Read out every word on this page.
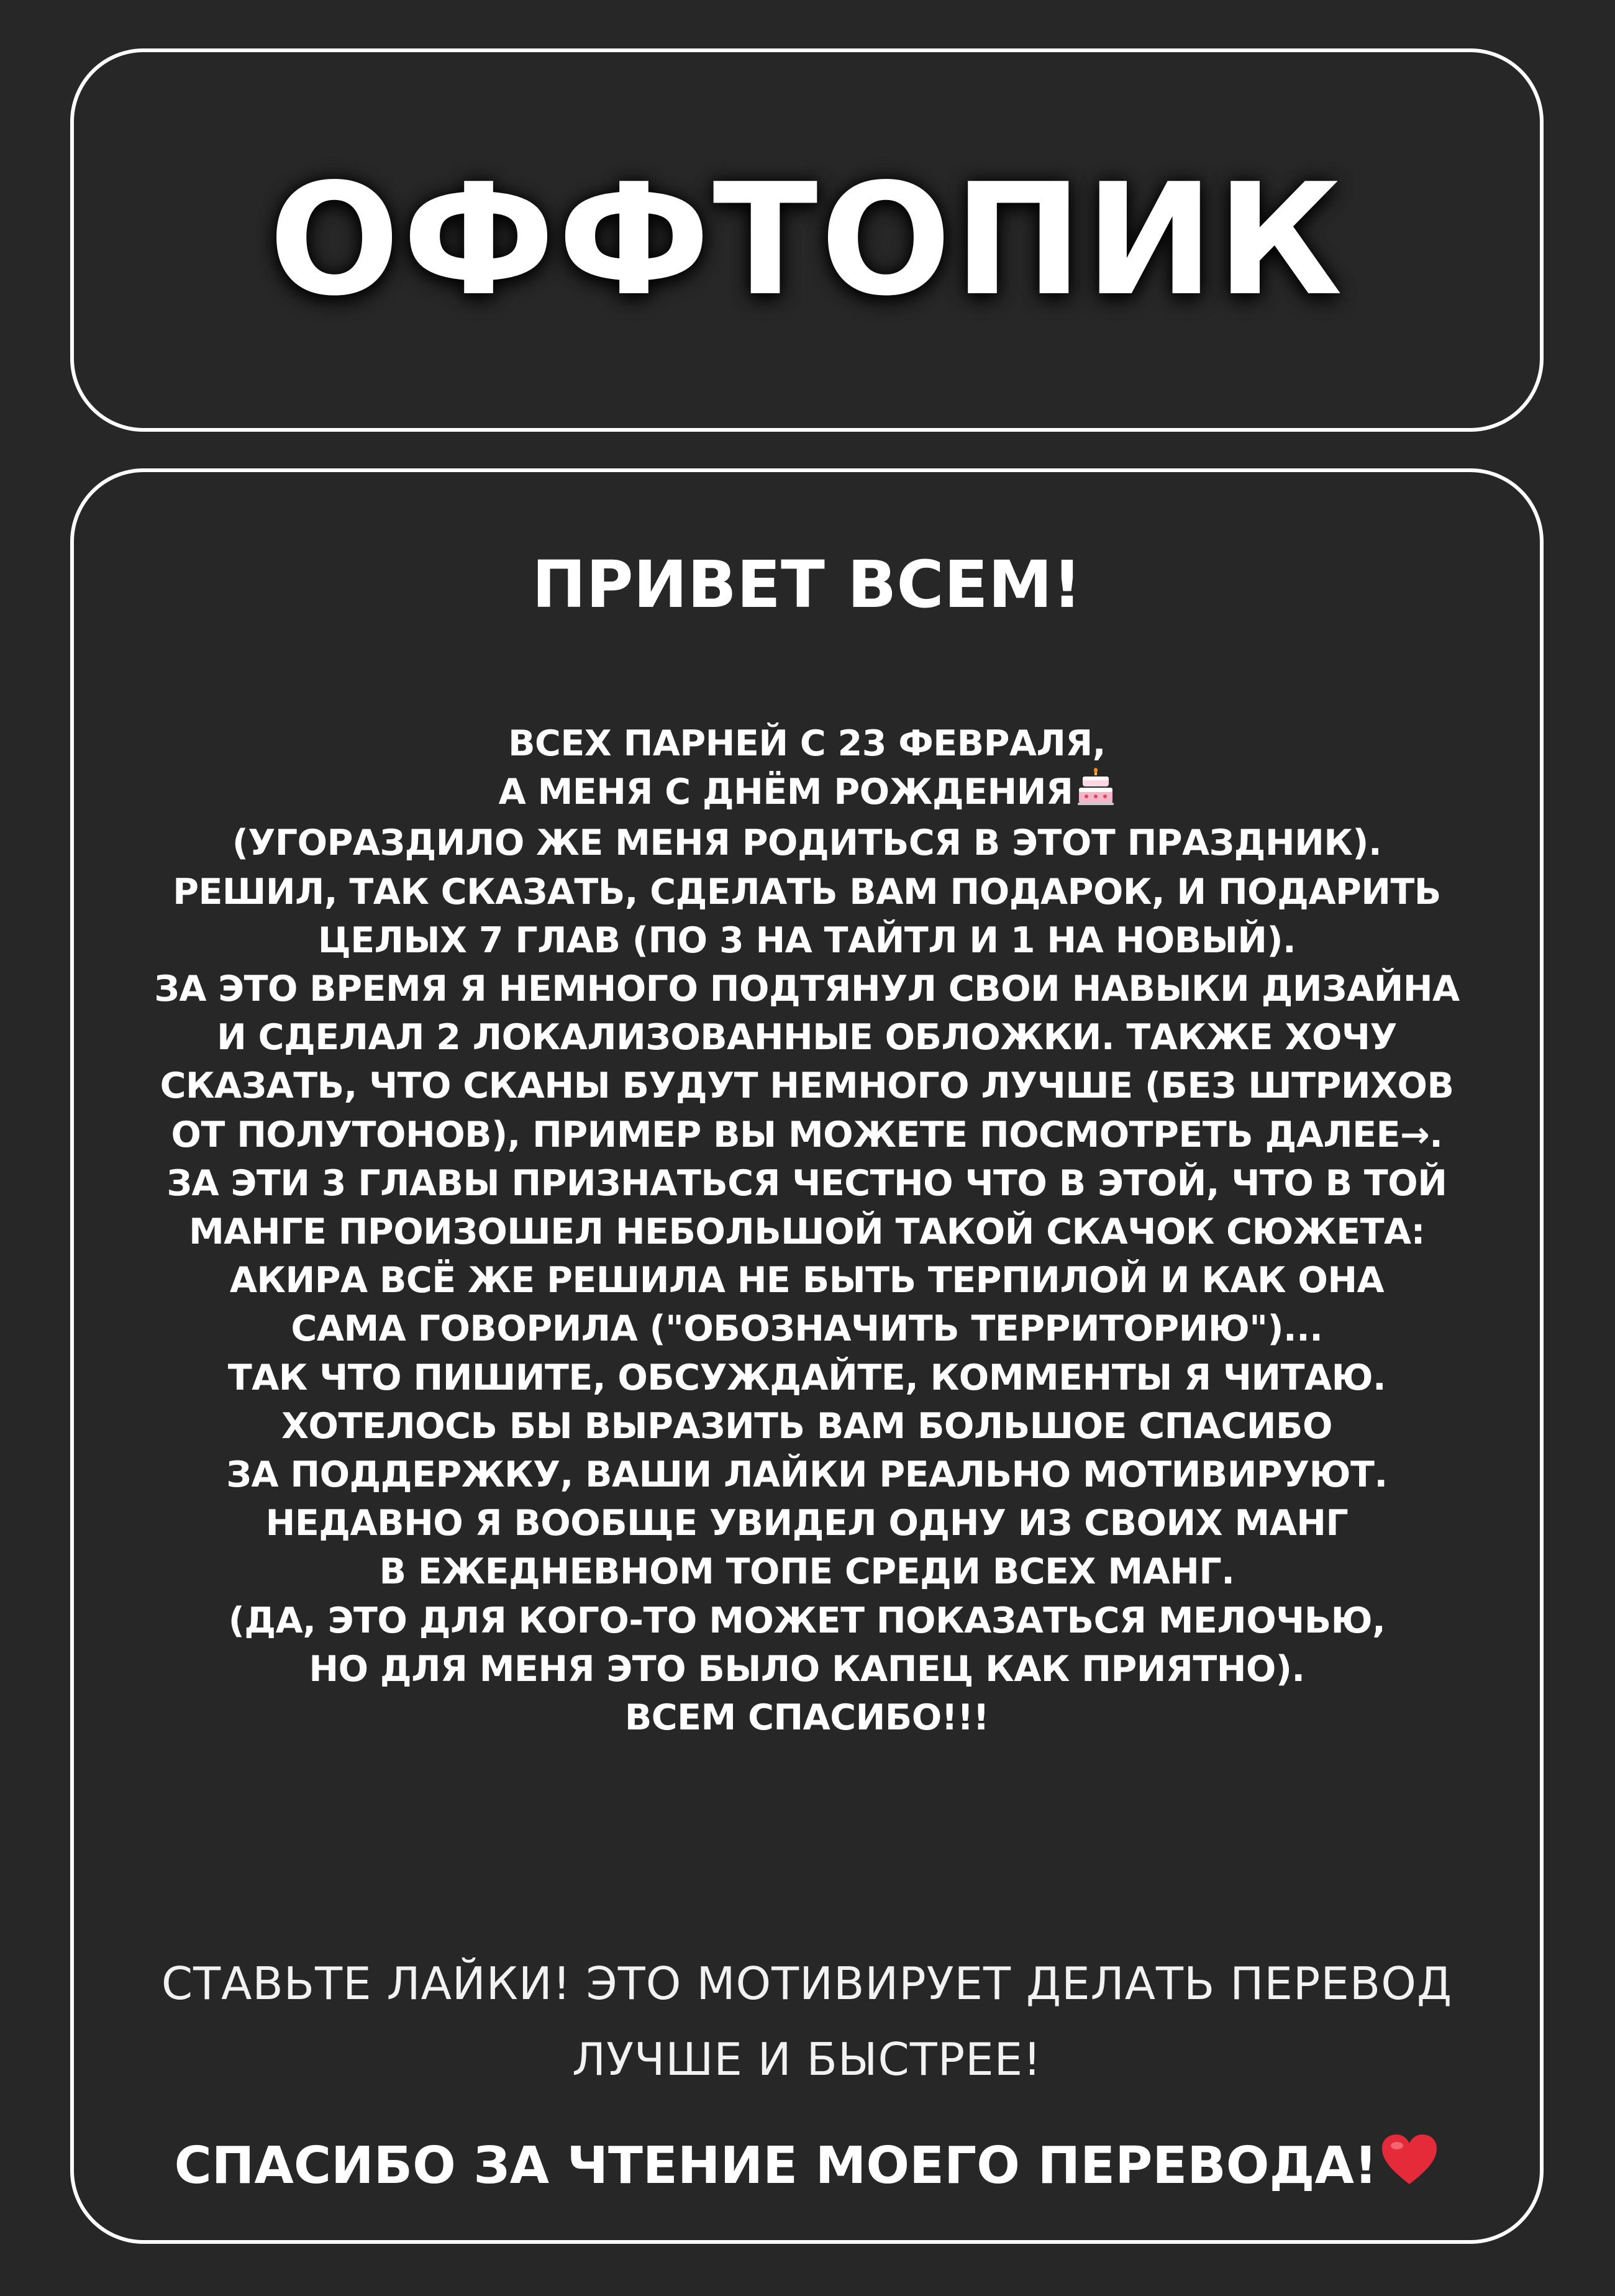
ОФФТОПИК
ПРИВЕТ ВСЕМ!
ВСЕХ ПАРНЕЙ С 23 ФЕВРАЛЯ,
А МЕНЯ С ДНЁМ РОЖДЕНИЯ
(УГОРАЗДИЛО ЖЕ МЕНЯ РОДИТЬСЯ В ЭТОТ ПРАЗДНИК).
РЕШИЛ, ТАК СКАЗАТЬ, СДЕЛАТЬ ВАМ ПОДАРОК, И ПОДАРИТЬ
ЦЕЛЫХ 7 ГЛАВ (ПО 3 НА ТАЙТЛ И 1 НА НОВЫЙ).
ЗА ЭТО ВРЕМЯ Я НЕМНОГО ПОДТЯНУЛ СВОИ НАВЫКИ ДИЗАЙНА
И СДЕЛАЛ 2 ЛОКАЛИЗОВАННЫЕ ОБЛОЖКИ. ТАКЖЕ ХОЧУ
СКАЗАТЬ, ЧТО СКАНЫ БУДУТ НЕМНОГО ЛУЧШЕ (БЕЗ ШТРИХОВ
ОТ ПОЛУТОНОВ), ПРИМЕР ВЫ МОЖЕТЕ ПОСМОТРЕТЬ ДАЛЕЕ→.
ЗА ЭТИ 3 ГЛАВЫ ПРИЗНАТЬСЯ ЧЕСТНО ЧТО В ЭТОЙ, ЧТО В ТОЙ
МАНГЕ ПРОИЗОШЕЛ НЕБОЛЬШОЙ ТАКОЙ СКАЧОК СЮЖЕТА:
АКИРА ВСЁ ЖЕ РЕШИЛА НЕ БЫТЬ ТЕРПИЛОЙ И КАК ОНА
САМА ГОВОРИЛА ("ОБОЗНАЧИТЬ ТЕРРИТОРИЮ")...
ТАК ЧТО ПИШИТЕ, ОБСУЖДАЙТЕ, КОММЕНТЫ Я ЧИТАЮ.
ХОТЕЛОСЬ БЫ ВЫРАЗИТЬ ВАМ БОЛЬШОЕ СПАСИБО
ЗА ПОДДЕРЖКУ, ВАШИ ЛАЙКИ РЕАЛЬНО МОТИВИРУЮТ.
НЕДАВНО Я ВООБЩЕ УВИДЕЛ ОДНУ ИЗ СВОИХ МАНГ
В ЕЖЕДНЕВНОМ ТОПЕ СРЕДИ ВСЕХ МАНГ.
(ДА, ЭТО ДЛЯ КОГО-ТО МОЖЕТ ПОКАЗАТЬСЯ МЕЛОЧЬЮ,
НО ДЛЯ МЕНЯ ЭТО БЫЛО КАПЕЦ КАК ПРИЯТНО).
ВСЕМ СПАСИБО!!!
СТАВЬТЕ ЛАЙКИ! ЭТО МОТИВИРУЕТ ДЕЛАТЬ ПЕРЕВОД
ЛУЧШЕ И БЫСТРЕЕ!
СПАСИБО ЗА ЧТЕНИЕ МОЕГО ПЕРЕВОДА!
